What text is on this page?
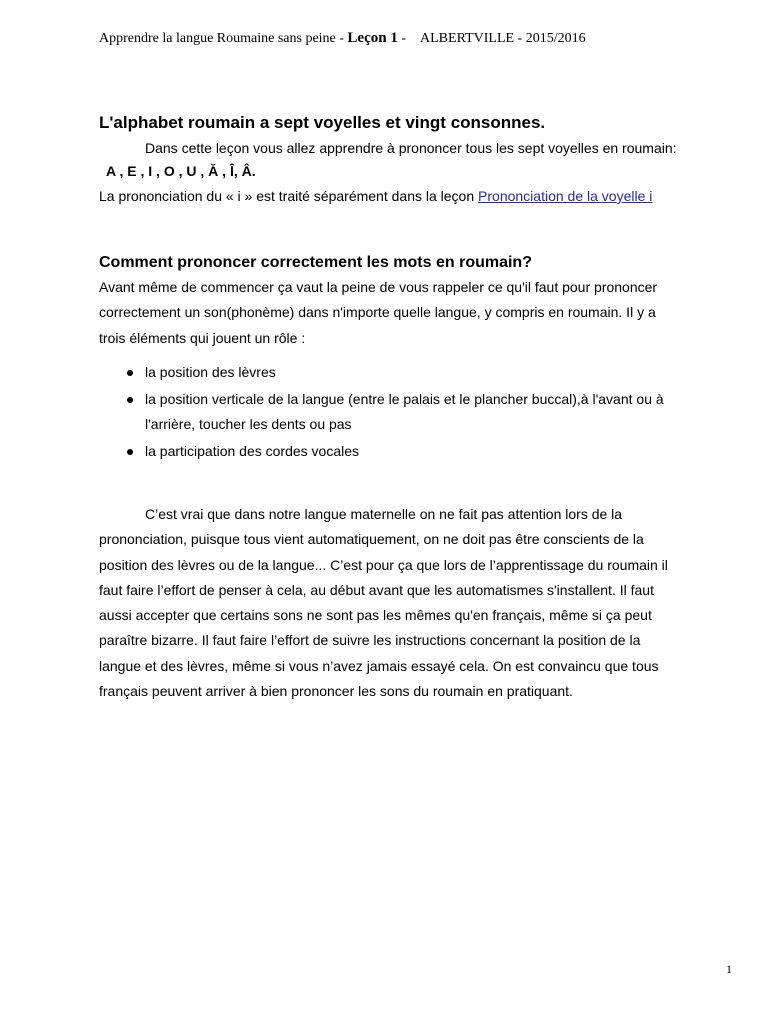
Apprendre la langue Roumaine sans peine - Leçon 1 - ALBERTVILLE - 2015/2016
L'alphabet roumain a sept voyelles et vingt consonnes.
Dans cette leçon vous allez apprendre à prononcer tous les sept voyelles en roumain:
A , E , I , O , U , Ă , Î, Â.
La prononciation du « i » est traité séparément dans la leçon Prononciation de la voyelle i
Comment prononcer correctement les mots en roumain?
Avant même de commencer ça vaut la peine de vous rappeler ce qu'il faut pour prononcer
correctement un son(phonème) dans n'importe quelle langue, y compris en roumain. Il y a
trois éléments qui jouent un rôle :
la position des lèvres
la position verticale de la langue (entre le palais et le plancher buccal),à l'avant ou à
l'arrière, toucher les dents ou pas
la participation des cordes vocales
C’est vrai que dans notre langue maternelle on ne fait pas attention lors de la
prononciation, puisque tous vient automatiquement, on ne doit pas être conscients de la
position des lèvres ou de la langue... C’est pour ça que lors de l’apprentissage du roumain il
faut faire l’effort de penser à cela, au début avant que les automatismes s'installent. Il faut
aussi accepter que certains sons ne sont pas les mêmes qu'en français, même si ça peut
paraître bizarre. Il faut faire l’effort de suivre les instructions concernant la position de la
langue et des lèvres, même si vous n’avez jamais essayé cela. On est convaincu que tous
français peuvent arriver à bien prononcer les sons du roumain en pratiquant.
1
